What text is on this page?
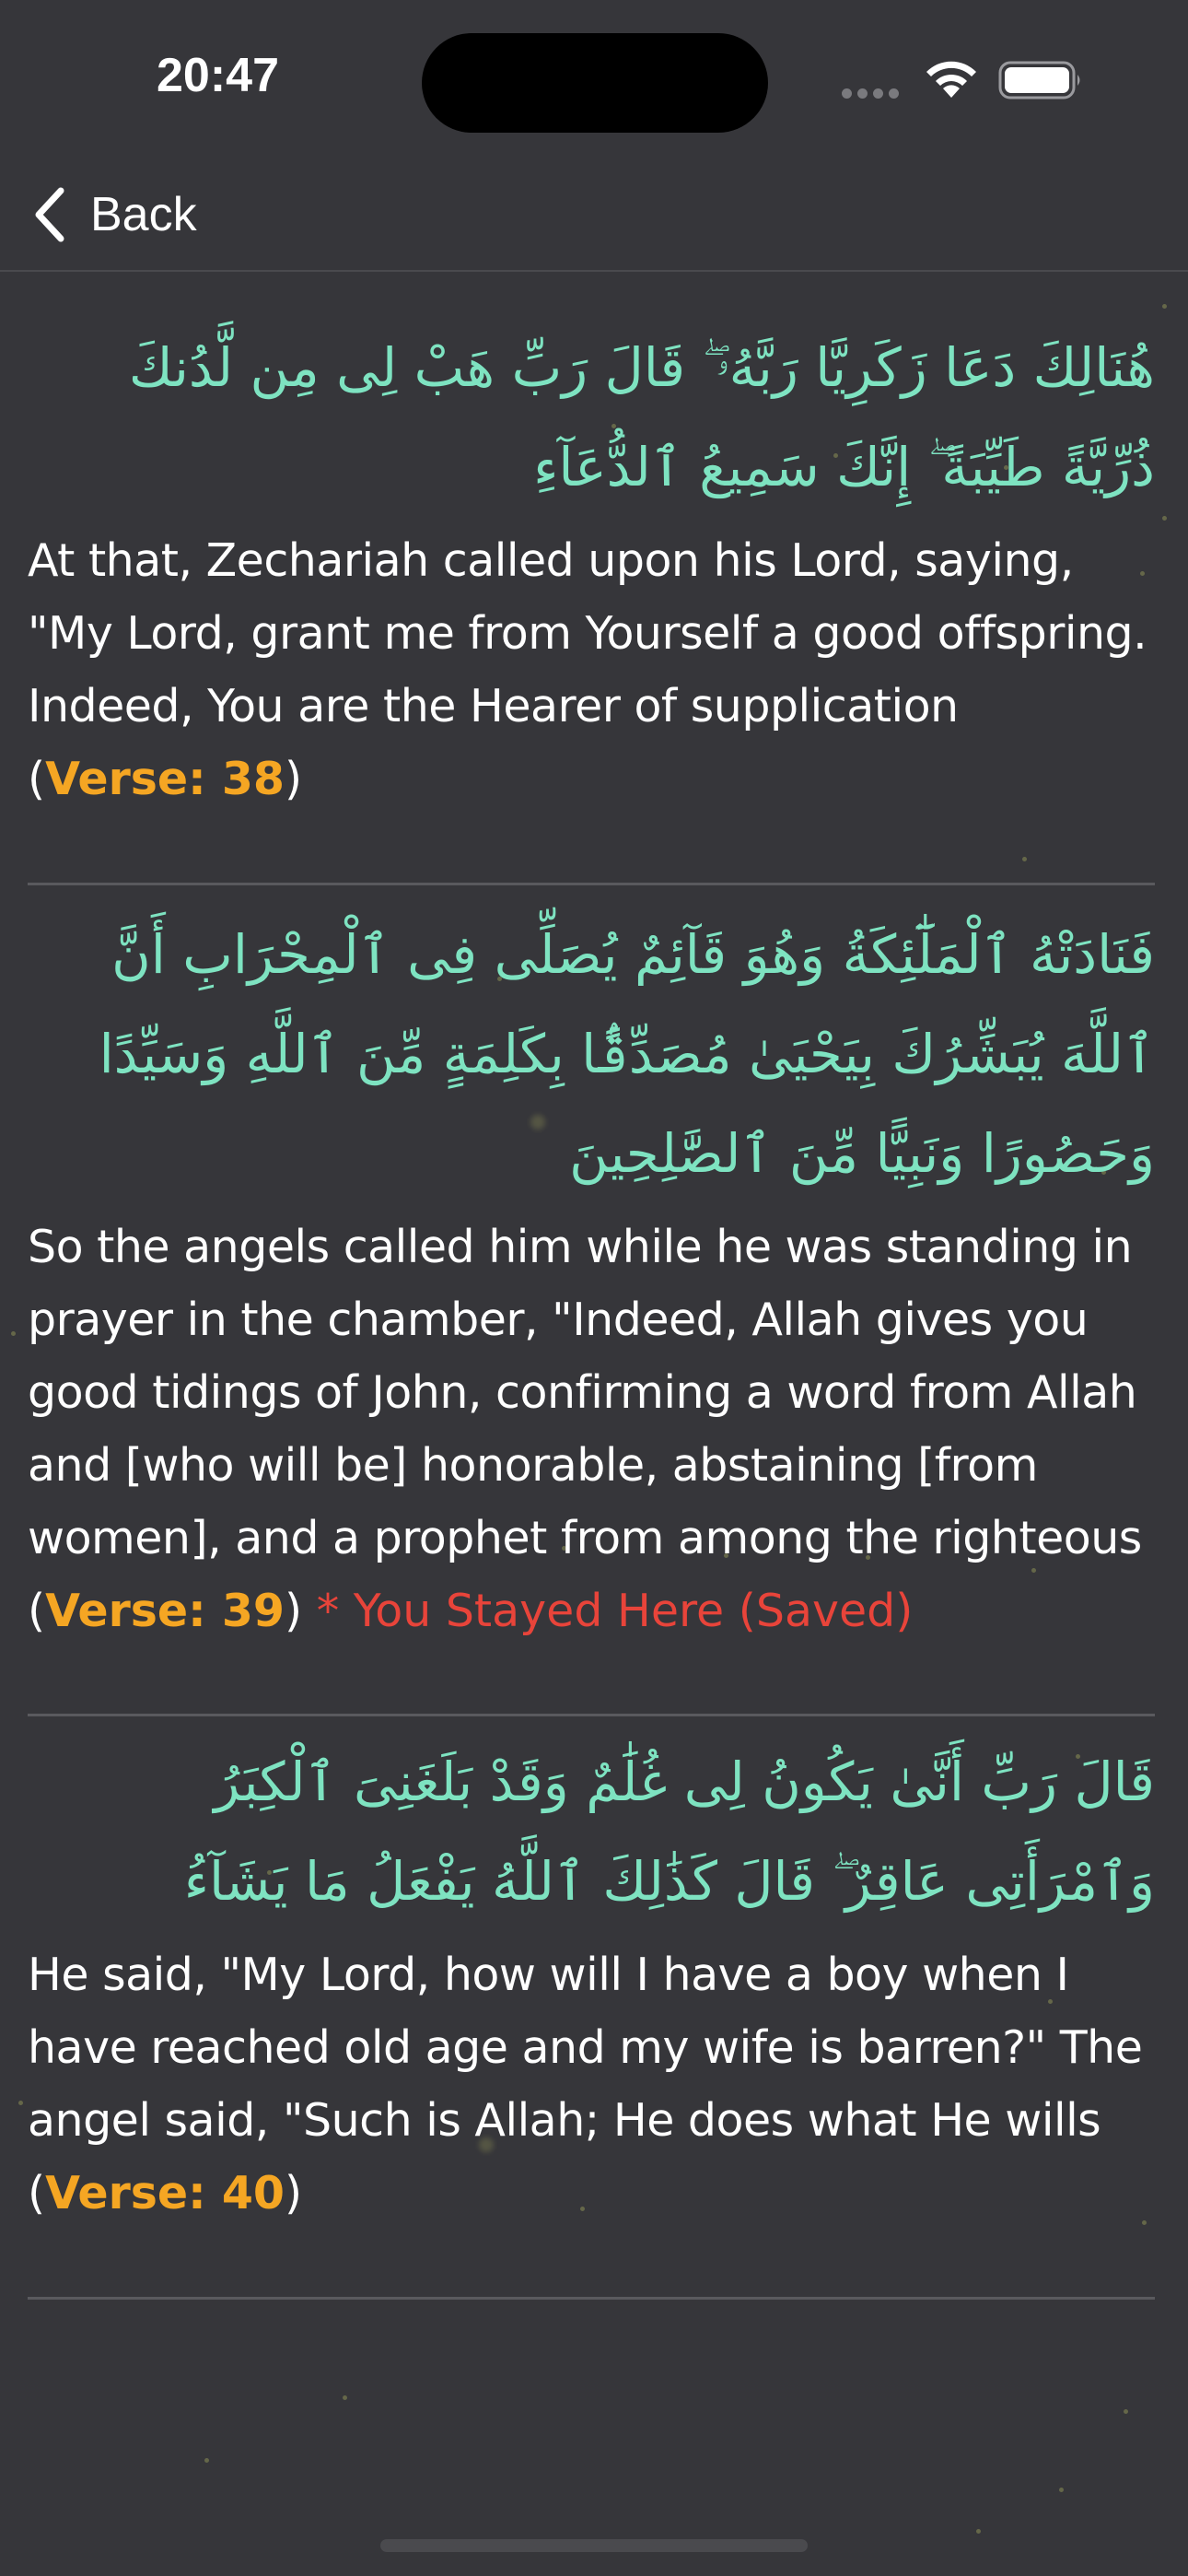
20:47
Back

هُنَالِكَ دَعَا زَكَرِيَّا رَبَّهُۥ ۖ قَالَ رَبِّ هَبْ لِى مِن لَّدُنكَ ذُرِّيَّةً طَيِّبَةً ۖ إِنَّكَ سَمِيعُ ٱلدُّعَآءِ

At that, Zechariah called upon his Lord, saying, "My Lord, grant me from Yourself a good offspring. Indeed, You are the Hearer of supplication

(Verse: 38)

فَنَادَتْهُ ٱلْمَلَٰٓئِكَةُ وَهُوَ قَآئِمٌ يُصَلِّى فِى ٱلْمِحْرَابِ أَنَّ ٱللَّهَ يُبَشِّرُكَ بِيَحْيَىٰ مُصَدِّقًۢا بِكَلِمَةٍ مِّنَ ٱللَّهِ وَسَيِّدًا وَحَصُورًا وَنَبِيًّا مِّنَ ٱلصَّٰلِحِينَ

So the angels called him while he was standing in prayer in the chamber, "Indeed, Allah gives you good tidings of John, confirming a word from Allah and [who will be] honorable, abstaining [from women], and a prophet from among the righteous

(Verse: 39) * You Stayed Here (Saved)

قَالَ رَبِّ أَنَّىٰ يَكُونُ لِى غُلَٰمٌ وَقَدْ بَلَغَنِىَ ٱلْكِبَرُ وَٱمْرَأَتِى عَاقِرٌ ۖ قَالَ كَذَٰلِكَ ٱللَّهُ يَفْعَلُ مَا يَشَآءُ

He said, "My Lord, how will I have a boy when I have reached old age and my wife is barren?" The angel said, "Such is Allah; He does what He wills

(Verse: 40)
